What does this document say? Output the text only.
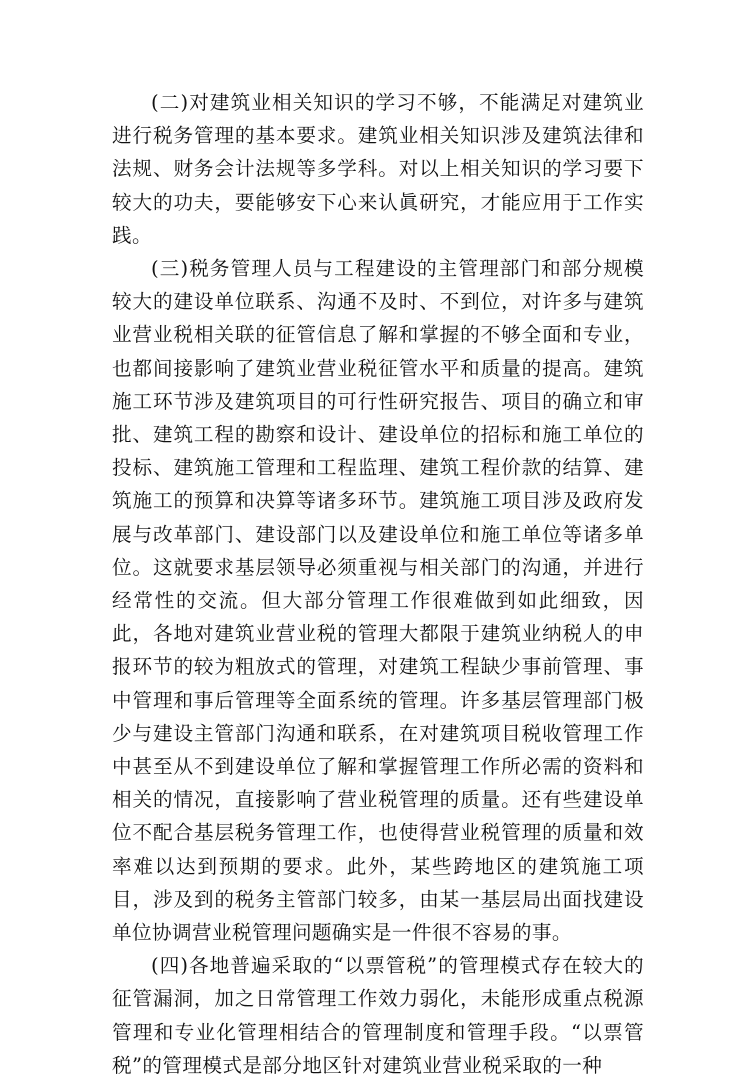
(二)对建筑业相关知识的学习不够，不能满足对建筑业进行税务管理的基本要求。建筑业相关知识涉及建筑法律和法规、财务会计法规等多学科。对以上相关知识的学习要下较大的功夫，要能够安下心来认眞研究，才能应用于工作实践。

(三)税务管理人员与工程建设的主管理部门和部分规模较大的建设单位联系、沟通不及时、不到位，对许多与建筑业营业税相关联的征管信息了解和掌握的不够全面和专业，也都间接影响了建筑业营业税征管水平和质量的提高。建筑施工环节涉及建筑项目的可行性研究报告、项目的确立和审批、建筑工程的勘察和设计、建设单位的招标和施工单位的投标、建筑施工管理和工程监理、建筑工程价款的结算、建筑施工的预算和决算等诸多环节。建筑施工项目涉及政府发展与改革部门、建设部门以及建设单位和施工单位等诸多单位。这就要求基层领导必须重视与相关部门的沟通，并进行经常性的交流。但大部分管理工作很难做到如此细致，因此，各地对建筑业营业税的管理大都限于建筑业纳税人的申报环节的较为粗放式的管理，对建筑工程缺少事前管理、事中管理和事后管理等全面系统的管理。许多基层管理部门极少与建设主管部门沟通和联系，在对建筑项目税收管理工作中甚至从不到建设单位了解和掌握管理工作所必需的资料和相关的情况，直接影响了营业税管理的质量。还有些建设单位不配合基层税务管理工作，也使得营业税管理的质量和效率难以达到预期的要求。此外，某些跨地区的建筑施工项目，涉及到的税务主管部门较多，由某一基层局出面找建设单位协调营业税管理问题确实是一件很不容易的事。

(四)各地普遍采取的“以票管税”的管理模式存在较大的征管漏洞，加之日常管理工作效力弱化，未能形成重点税源管理和专业化管理相结合的管理制度和管理手段。“以票管税”的管理模式是部分地区针对建筑业营业税采取的一种
